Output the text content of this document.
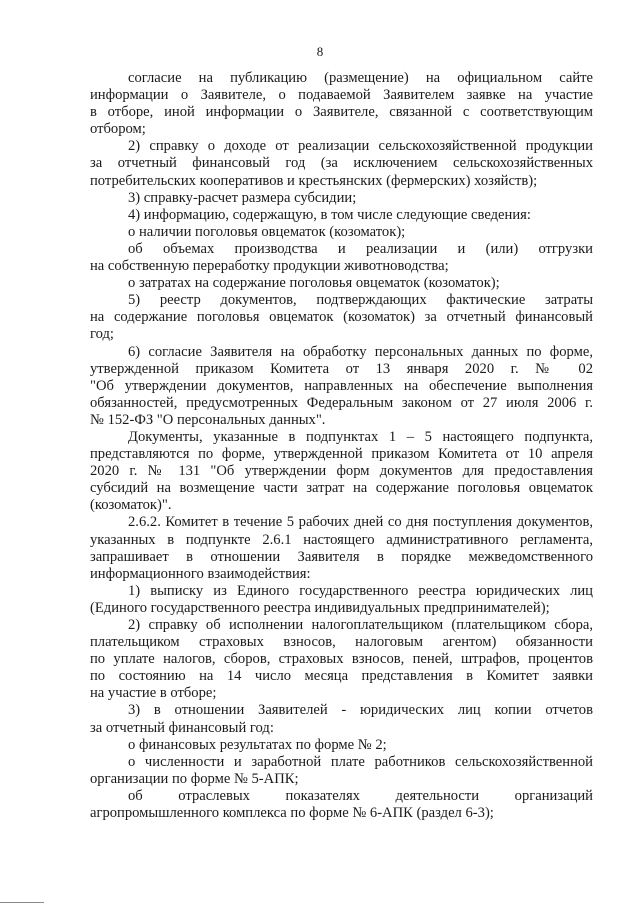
8
согласие на публикацию (размещение) на официальном сайте
информации о Заявителе, о подаваемой Заявителем заявке на участие
в отборе, иной информации о Заявителе, связанной с соответствующим
отбором;
2) справку о доходе от реализации сельскохозяйственной продукции
за отчетный финансовый год (за исключением сельскохозяйственных
потребительских кооперативов и крестьянских (фермерских) хозяйств);
3) справку-расчет размера субсидии;
4) информацию, содержащую, в том числе следующие сведения:
о наличии поголовья овцематок (козоматок);
об объемах производства и реализации и (или) отгрузки
на собственную переработку продукции животноводства;
о затратах на содержание поголовья овцематок (козоматок);
5) реестр документов, подтверждающих фактические затраты
на содержание поголовья овцематок (козоматок) за отчетный финансовый
год;
6) согласие Заявителя на обработку персональных данных по форме,
утвержденной приказом Комитета от 13 января 2020 г. № 02
"Об утверждении документов, направленных на обеспечение выполнения
обязанностей, предусмотренных Федеральным законом от 27 июля 2006 г.
№ 152-ФЗ "О персональных данных".
Документы, указанные в подпунктах 1 – 5 настоящего подпункта,
представляются по форме, утвержденной приказом Комитета от 10 апреля
2020 г. № 131 "Об утверждении форм документов для предоставления
субсидий на возмещение части затрат на содержание поголовья овцематок
(козоматок)".
2.6.2. Комитет в течение 5 рабочих дней со дня поступления документов,
указанных в подпункте 2.6.1 настоящего административного регламента,
запрашивает в отношении Заявителя в порядке межведомственного
информационного взаимодействия:
1) выписку из Единого государственного реестра юридических лиц
(Единого государственного реестра индивидуальных предпринимателей);
2) справку об исполнении налогоплательщиком (плательщиком сбора,
плательщиком страховых взносов, налоговым агентом) обязанности
по уплате налогов, сборов, страховых взносов, пеней, штрафов, процентов
по состоянию на 14 число месяца представления в Комитет заявки
на участие в отборе;
3) в отношении Заявителей - юридических лиц копии отчетов
за отчетный финансовый год:
о финансовых результатах по форме № 2;
о численности и заработной плате работников сельскохозяйственной
организации по форме № 5-АПК;
об отраслевых показателях деятельности организаций
агропромышленного комплекса по форме № 6-АПК (раздел 6-3);
